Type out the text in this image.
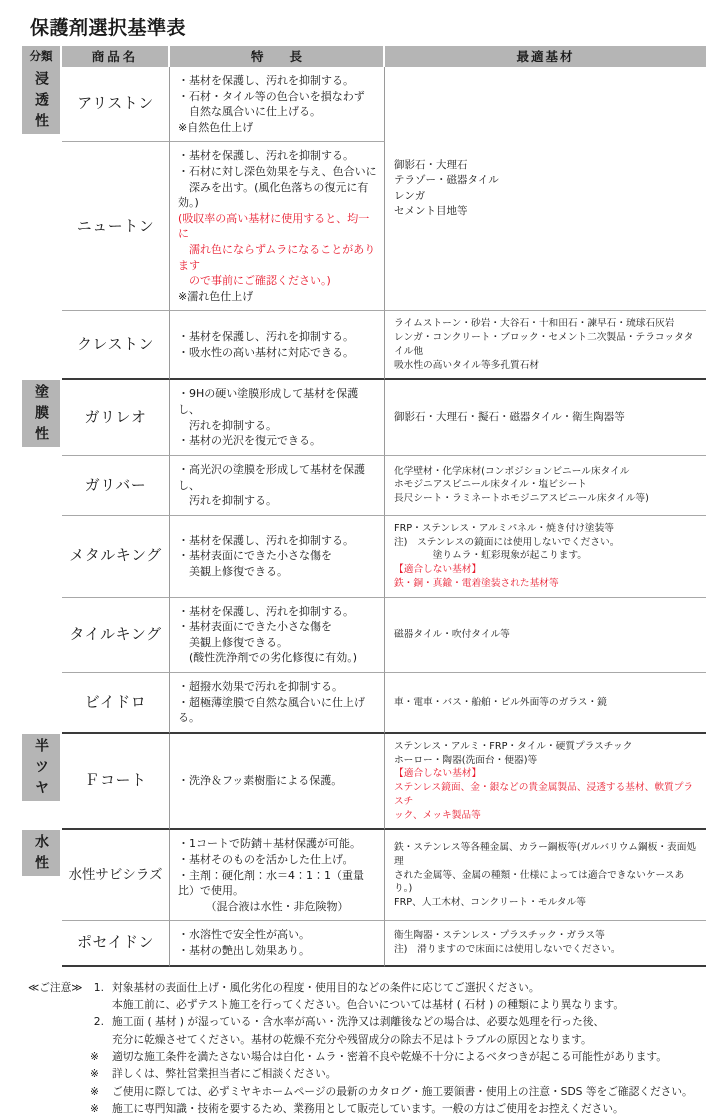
保護剤選択基準表
分類	商品名	特 長	最適基材

浸透性	アリストン	・基材を保護し、汚れを抑制する。
・石材・タイル等の色合いを損なわず
　自然な風合いに仕上げる。
※自然色仕上げ	御影石・大理石
テラゾー・磁器タイル
レンガ
セメント目地等

ニュートン	
・基材を保護し、汚れを抑制する。
・石材に対し深色効果を与え、色合いに
　深みを出す。(風化色落ちの復元に有効。)
(吸収率の高い基材に使用すると、均一に
　濡れ色にならずムラになることがあります
　ので事前にご確認ください。)
※濡れ色仕上げ

	クレストン	・基材を保護し、汚れを抑制する。
・吸水性の高い基材に対応できる。	ライムストーン・砂岩・大谷石・十和田石・諫早石・琉球石灰岩
レンガ・コンクリート・ブロック・セメント二次製品・テラコッタタイル他
吸水性の高いタイル等多孔質石材

塗膜性	ガリレオ	・9Hの硬い塗膜形成して基材を保護し、
　汚れを抑制する。
・基材の光沢を復元できる。	御影石・大理石・擬石・磁器タイル・衛生陶器等

	ガリバー	・高光沢の塗膜を形成して基材を保護し、
　汚れを抑制する。	化学壁材・化学床材(コンポジションビニール床タイル
ホモジニアスビニール床タイル・塩ビシート
長尺シート・ラミネートホモジニアスビニール床タイル等)

	メタルキング	・基材を保護し、汚れを抑制する。
・基材表面にできた小さな傷を
　美観上修復できる。	FRP・ステンレス・アルミパネル・焼き付け塗装等
注)　ステンレスの鏡面には使用しないでください。
　　　　塗りムラ・虹彩現象が起こります。
【適合しない基材】
鉄・銅・真鍮・電着塗装された基材等

	タイルキング	・基材を保護し、汚れを抑制する。
・基材表面にできた小さな傷を
　美観上修復できる。
　(酸性洗浄剤での劣化修復に有効。)	磁器タイル・吹付タイル等

	ビイドロ	・超撥水効果で汚れを抑制する。
・超極薄塗膜で自然な風合いに仕上げる。	車・電車・バス・船舶・ビル外面等のガラス・鏡

半ツヤ	Ｆコート	・洗浄＆フッ素樹脂による保護。	ステンレス・アルミ・FRP・タイル・硬質プラスチック
ホーロー・陶器(洗面台・便器)等
【適合しない基材】
ステンレス鏡面、金・銀などの貴金属製品、浸透する基材、軟質プラスチ
ック、メッキ製品等

水性	水性サビシラズ	・1コートで防錆＋基材保護が可能。
・基材そのものを活かした仕上げ。
・主剤：硬化剤：水＝4：1：1（重量比）で使用。
　　　（混合液は水性・非危険物）	鉄・ステンレス等各種金属、カラー鋼板等(ガルバリウム鋼板・表面処理
された金属等、金属の種類・仕様によっては適合できないケースあり。)
FRP、人工木材、コンクリート・モルタル等

	ポセイドン	・水溶性で安全性が高い。
・基材の艶出し効果あり。	衛生陶器・ステンレス・プラスチック・ガラス等
注)　滑りますので床面には使用しないでください。
≪ご注意≫	1. 対象基材の表面仕上げ・風化劣化の程度・使用目的などの条件に応じてご選択ください。
本施工前に、必ずテスト施工を行ってください。色合いについては基材 ( 石材 ) の種類により異なります。
2. 施工面 ( 基材 ) が湿っている・含水率が高い・洗浄又は剥離後などの場合は、必要な処理を行った後、
充分に乾燥させてください。基材の乾燥不充分や残留成分の除去不足はトラブルの原因となります。
※	適切な施工条件を満たさない場合は白化・ムラ・密着不良や乾燥不十分によるベタつきが起こる可能性があります。
※	詳しくは、弊社営業担当者にご相談ください。
※	ご使用に際しては、必ずミヤキホームページの最新のカタログ・施工要領書・使用上の注意・SDS 等をご確認ください。
※	施工に専門知識・技術を要するため、業務用として販売しています。一般の方はご使用をお控えください。
